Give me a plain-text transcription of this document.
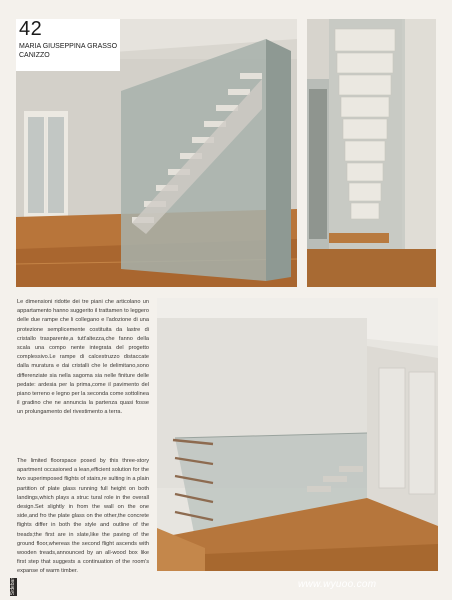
42
MARIA GIUSEPPINA GRASSO CANIZZO

Le dimensioni ridotte dei tre piani che articolano un appartamento hanno suggerito il trattamen to leggero delle due rampe che li collegano e l'adozione di una protezione semplicemente costituita da lastre di cristallo trasparente,a tutt'altezza,che fanno della scala una compo nente integrata del progetto complessivo.Le rampe di calcestruzzo distaccate dalla muratura e dai cristalli che le delimitano,sono differenziate sia nella sagoma sia nelle finiture delle pedate: ardesia per la prima,come il pavimento del piano terreno e legno per la seconda come sottolinea il gradino che ne annuncia la partenza quasi fosse un prolungamento del rivestimento a terra.

The limited floorspace posed by this three-story apartment occasioned a lean,efficient solution for the two superimposed flights of stairs,re sulting in a plain partition of plate glass running full height on both landings,which plays a struc tural role in the overall design.Set slightly in from the wall on the one side,and fro the plate glass on the other,the concrete flights differ in both the style and outline of the treads;the first are in slate,like the paving of the ground floor,whereas the second flight ascends with wooden treads,announced by an all-wood box like first step that suggests a continuation of the room's expanse of warm timber.

Sidebar	www.wyuoo.com
